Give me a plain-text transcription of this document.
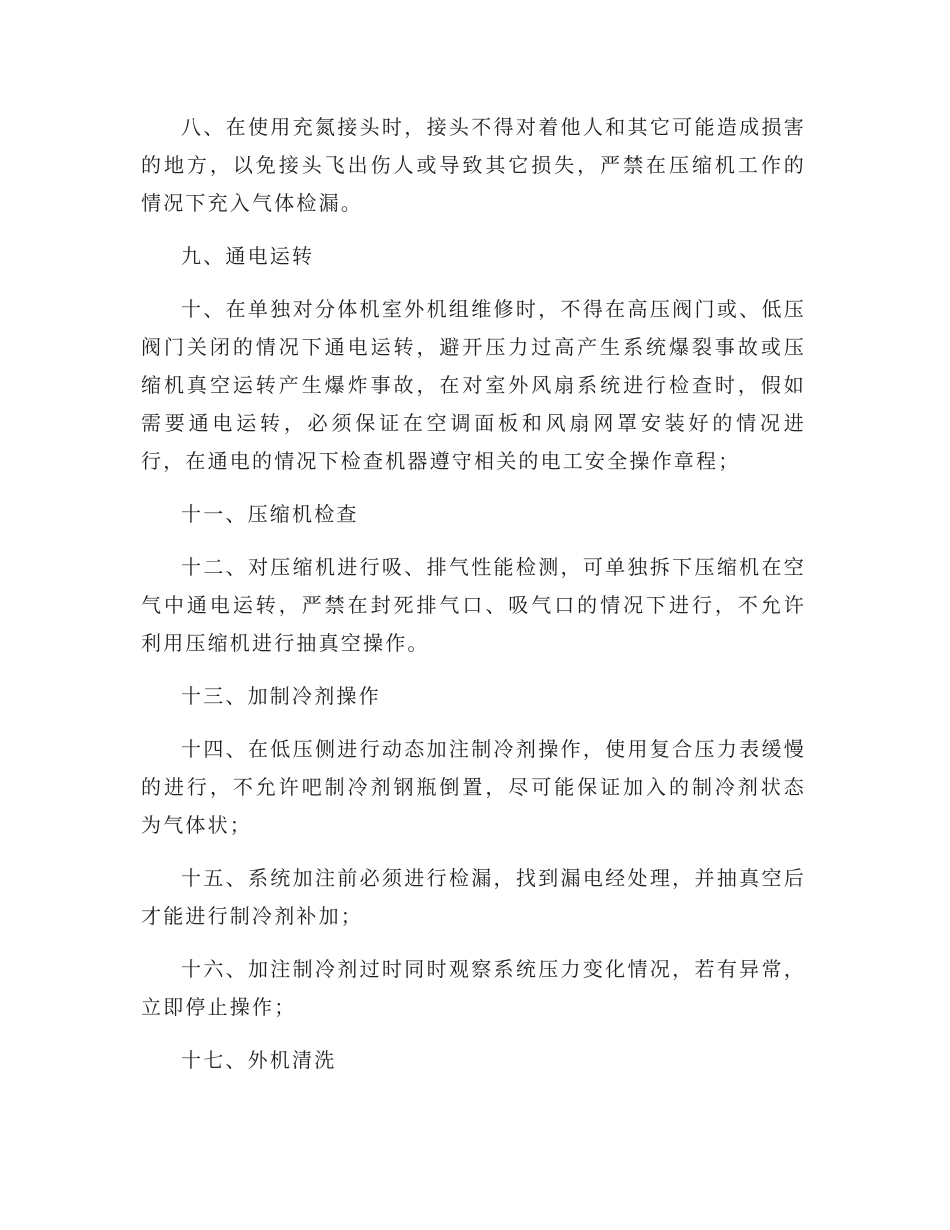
八、在使用充氮接头时，接头不得对着他人和其它可能造成损害的地方，以免接头飞出伤人或导致其它损失，严禁在压缩机工作的情况下充入气体检漏。

九、通电运转

十、在单独对分体机室外机组维修时，不得在高压阀门或、低压阀门关闭的情况下通电运转，避开压力过高产生系统爆裂事故或压缩机真空运转产生爆炸事故，在对室外风扇系统进行检查时，假如需要通电运转，必须保证在空调面板和风扇网罩安装好的情况进行，在通电的情况下检查机器遵守相关的电工安全操作章程；

十一、压缩机检查

十二、对压缩机进行吸、排气性能检测，可单独拆下压缩机在空气中通电运转，严禁在封死排气口、吸气口的情况下进行，不允许利用压缩机进行抽真空操作。

十三、加制冷剂操作

十四、在低压侧进行动态加注制冷剂操作，使用复合压力表缓慢的进行，不允许吧制冷剂钢瓶倒置，尽可能保证加入的制冷剂状态为气体状；

十五、系统加注前必须进行检漏，找到漏电经处理，并抽真空后才能进行制冷剂补加；

十六、加注制冷剂过时同时观察系统压力变化情况，若有异常，立即停止操作；

十七、外机清洗
